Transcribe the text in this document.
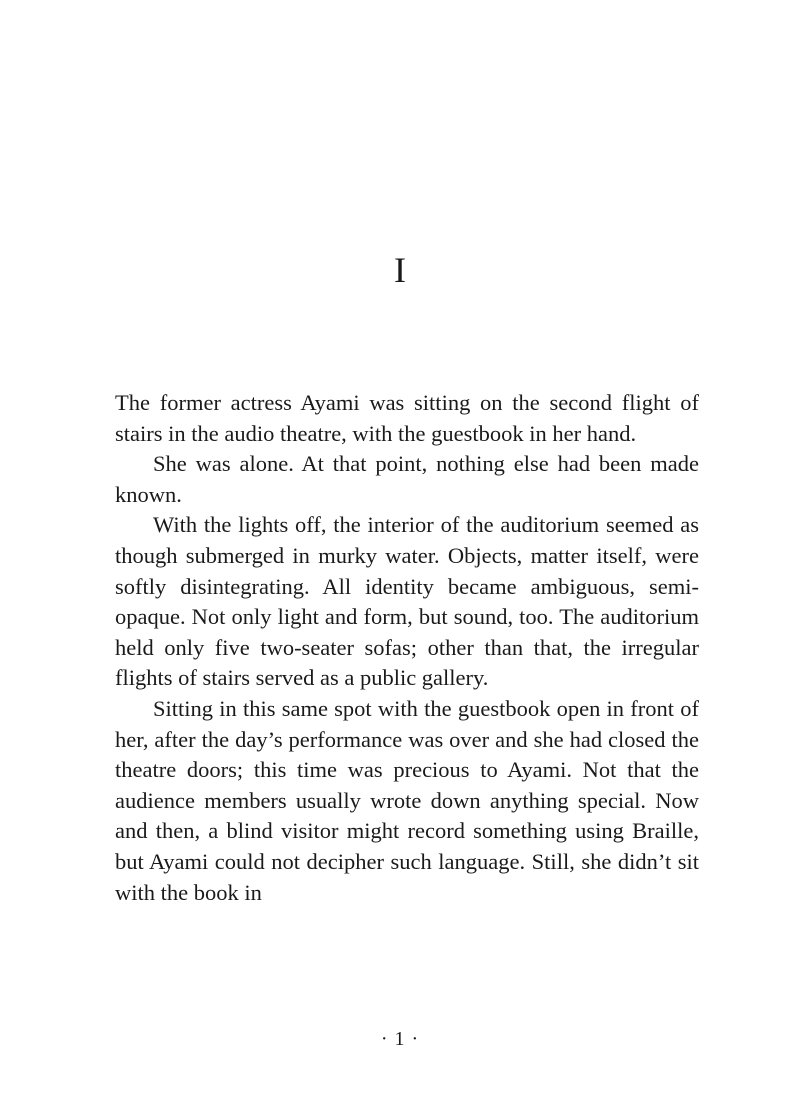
I

The former actress Ayami was sitting on the second flight of stairs in the audio theatre, with the guestbook in her hand.

She was alone. At that point, nothing else had been made known.

With the lights off, the interior of the auditorium seemed as though submerged in murky water. Objects, matter itself, were softly disintegrating. All identity became ambiguous, semi-opaque. Not only light and form, but sound, too. The auditorium held only five two-seater sofas; other than that, the irregular flights of stairs served as a public gallery.

Sitting in this same spot with the guestbook open in front of her, after the day’s performance was over and she had closed the theatre doors; this time was precious to Ayami. Not that the audience members usually wrote down anything special. Now and then, a blind visitor might record something using Braille, but Ayami could not decipher such language. Still, she didn’t sit with the book in

· 1 ·
